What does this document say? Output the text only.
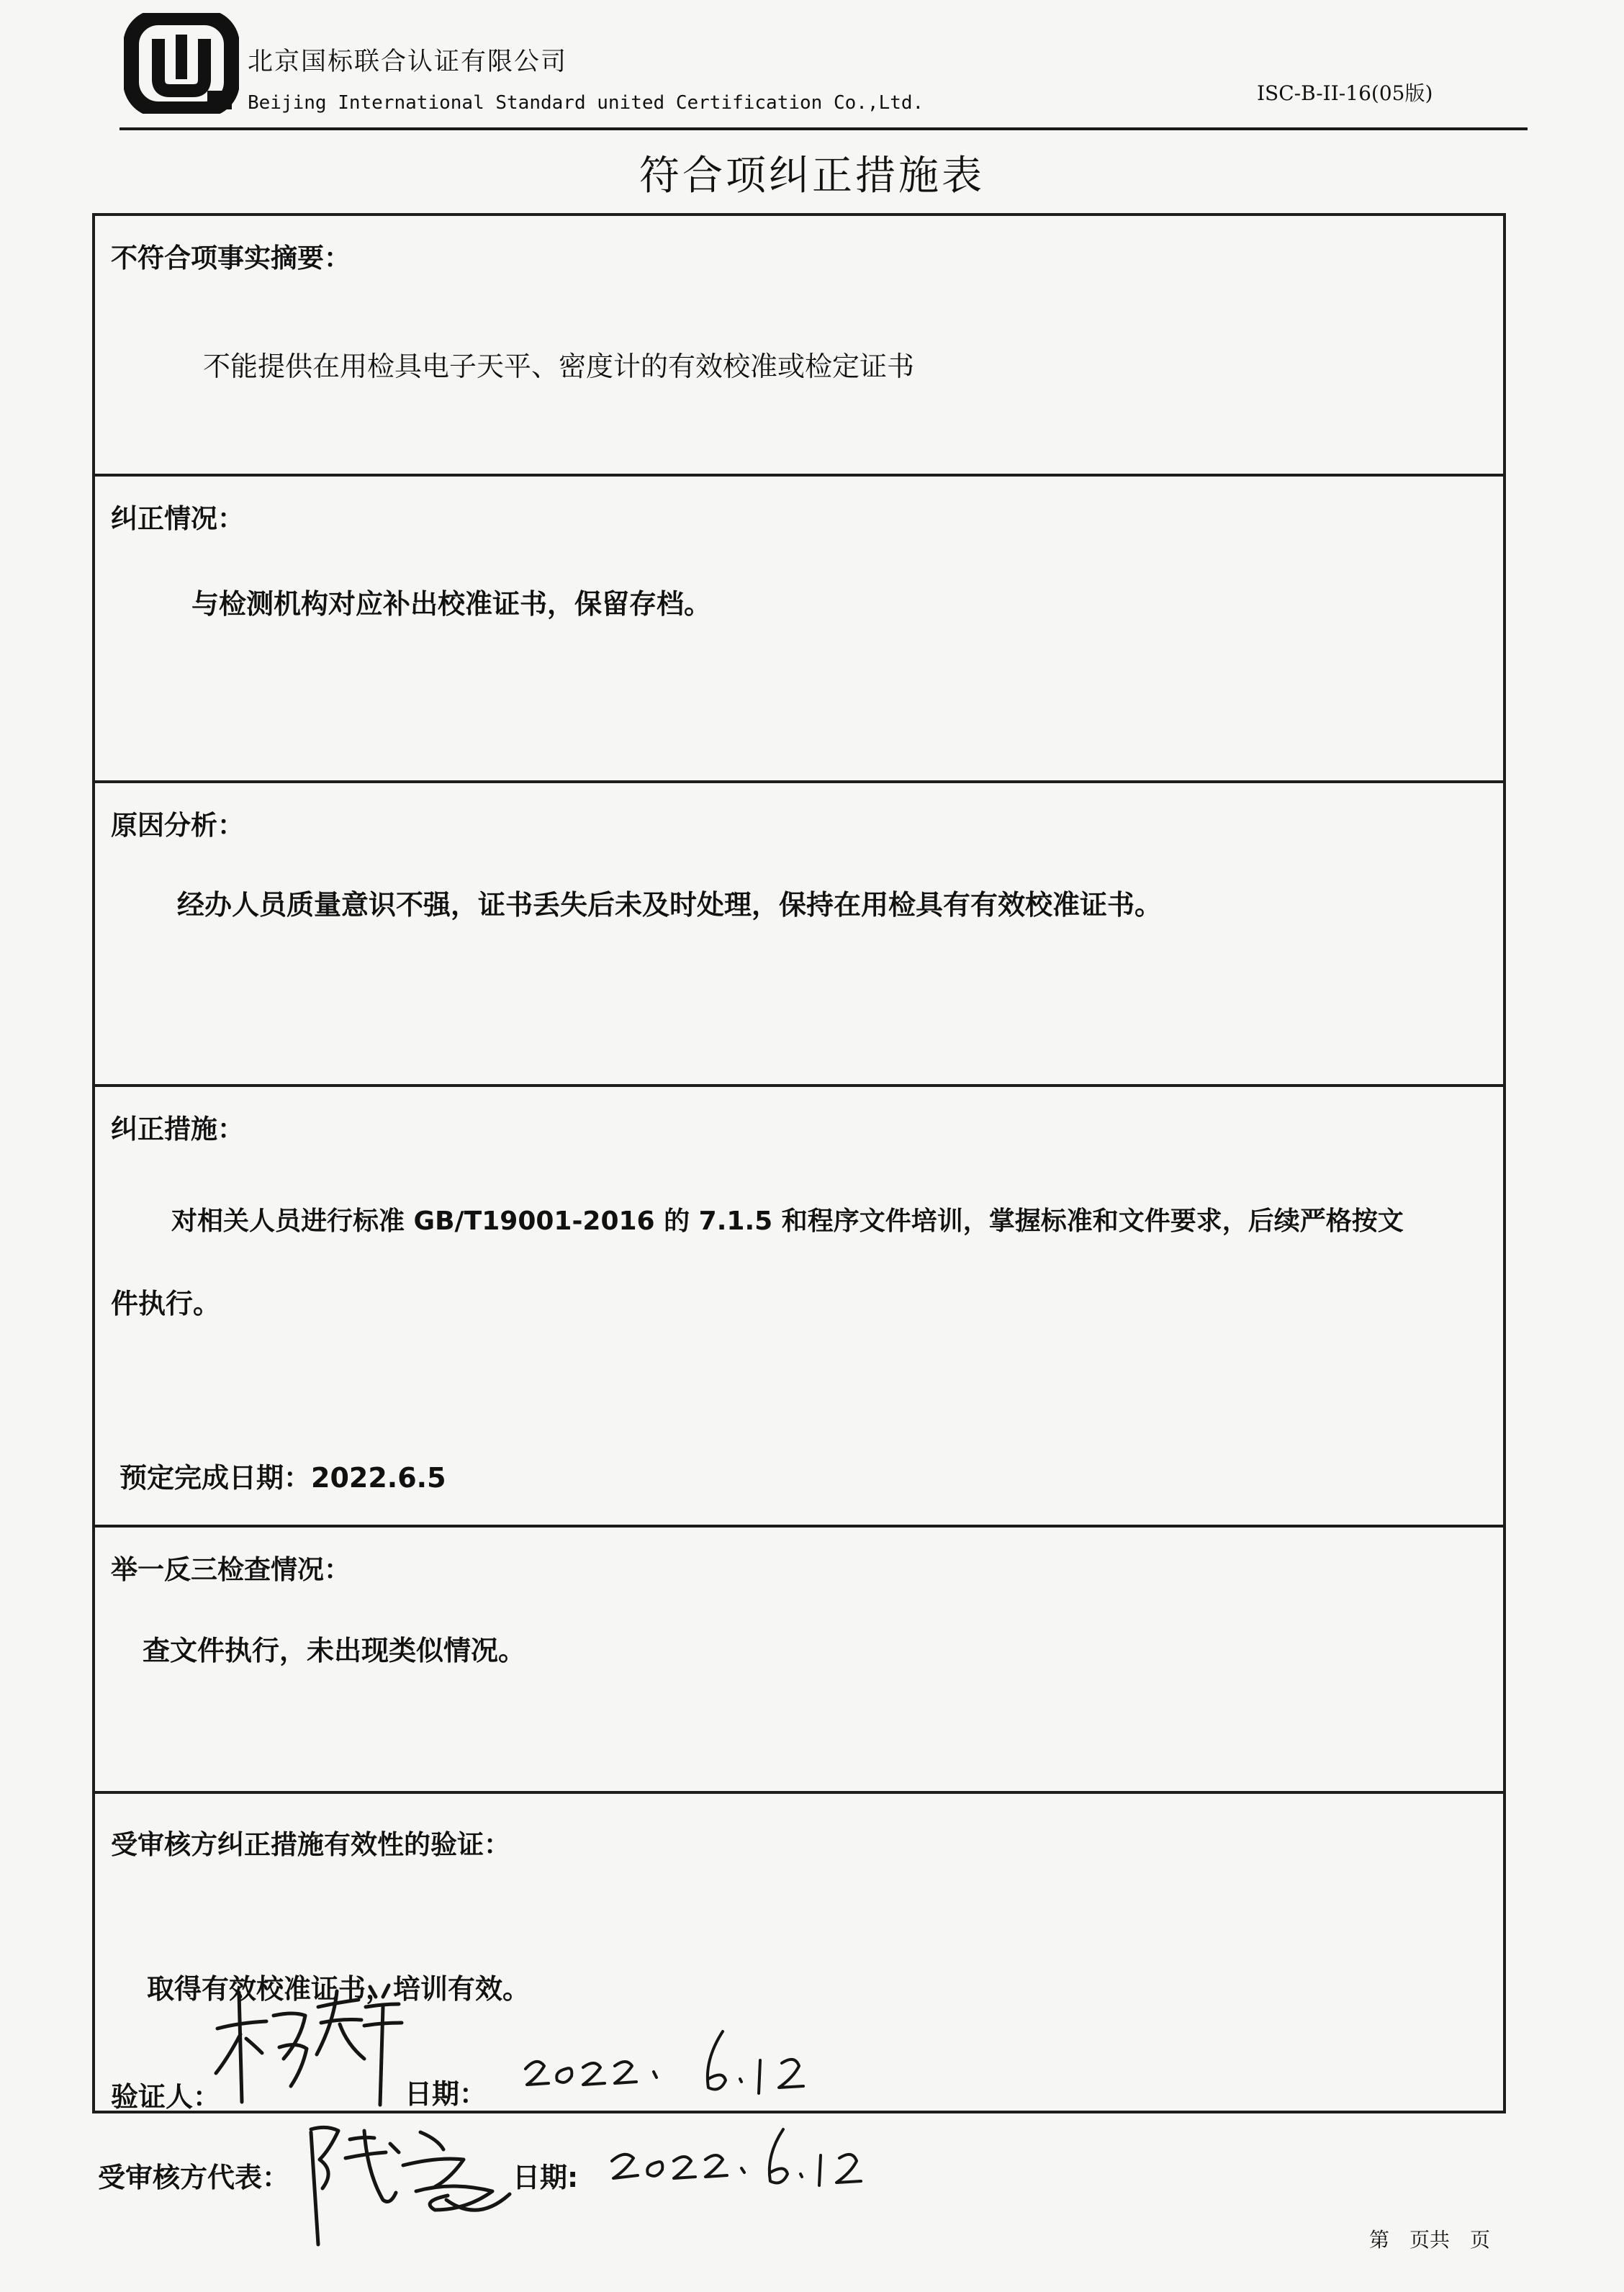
北京国标联合认证有限公司
Beijing International Standard united Certification Co.,Ltd.	ISC-B-II-16(05版)
符合项纠正措施表
不符合项事实摘要：
不能提供在用检具电子天平、密度计的有效校准或检定证书
纠正情况：
与检测机构对应补出校准证书，保留存档。
原因分析：
经办人员质量意识不强，证书丢失后未及时处理，保持在用检具有有效校准证书。
纠正措施：
对相关人员进行标准 GB/T19001-2016 的 7.1.5 和程序文件培训，掌握标准和文件要求，后续严格按文
件执行。
预定完成日期：2022.6.5
举一反三检查情况：
查文件执行，未出现类似情况。
受审核方纠正措施有效性的验证：
取得有效校准证书，培训有效。
验证人：	日期：
受审核方代表：	日期:
第　页共　页
